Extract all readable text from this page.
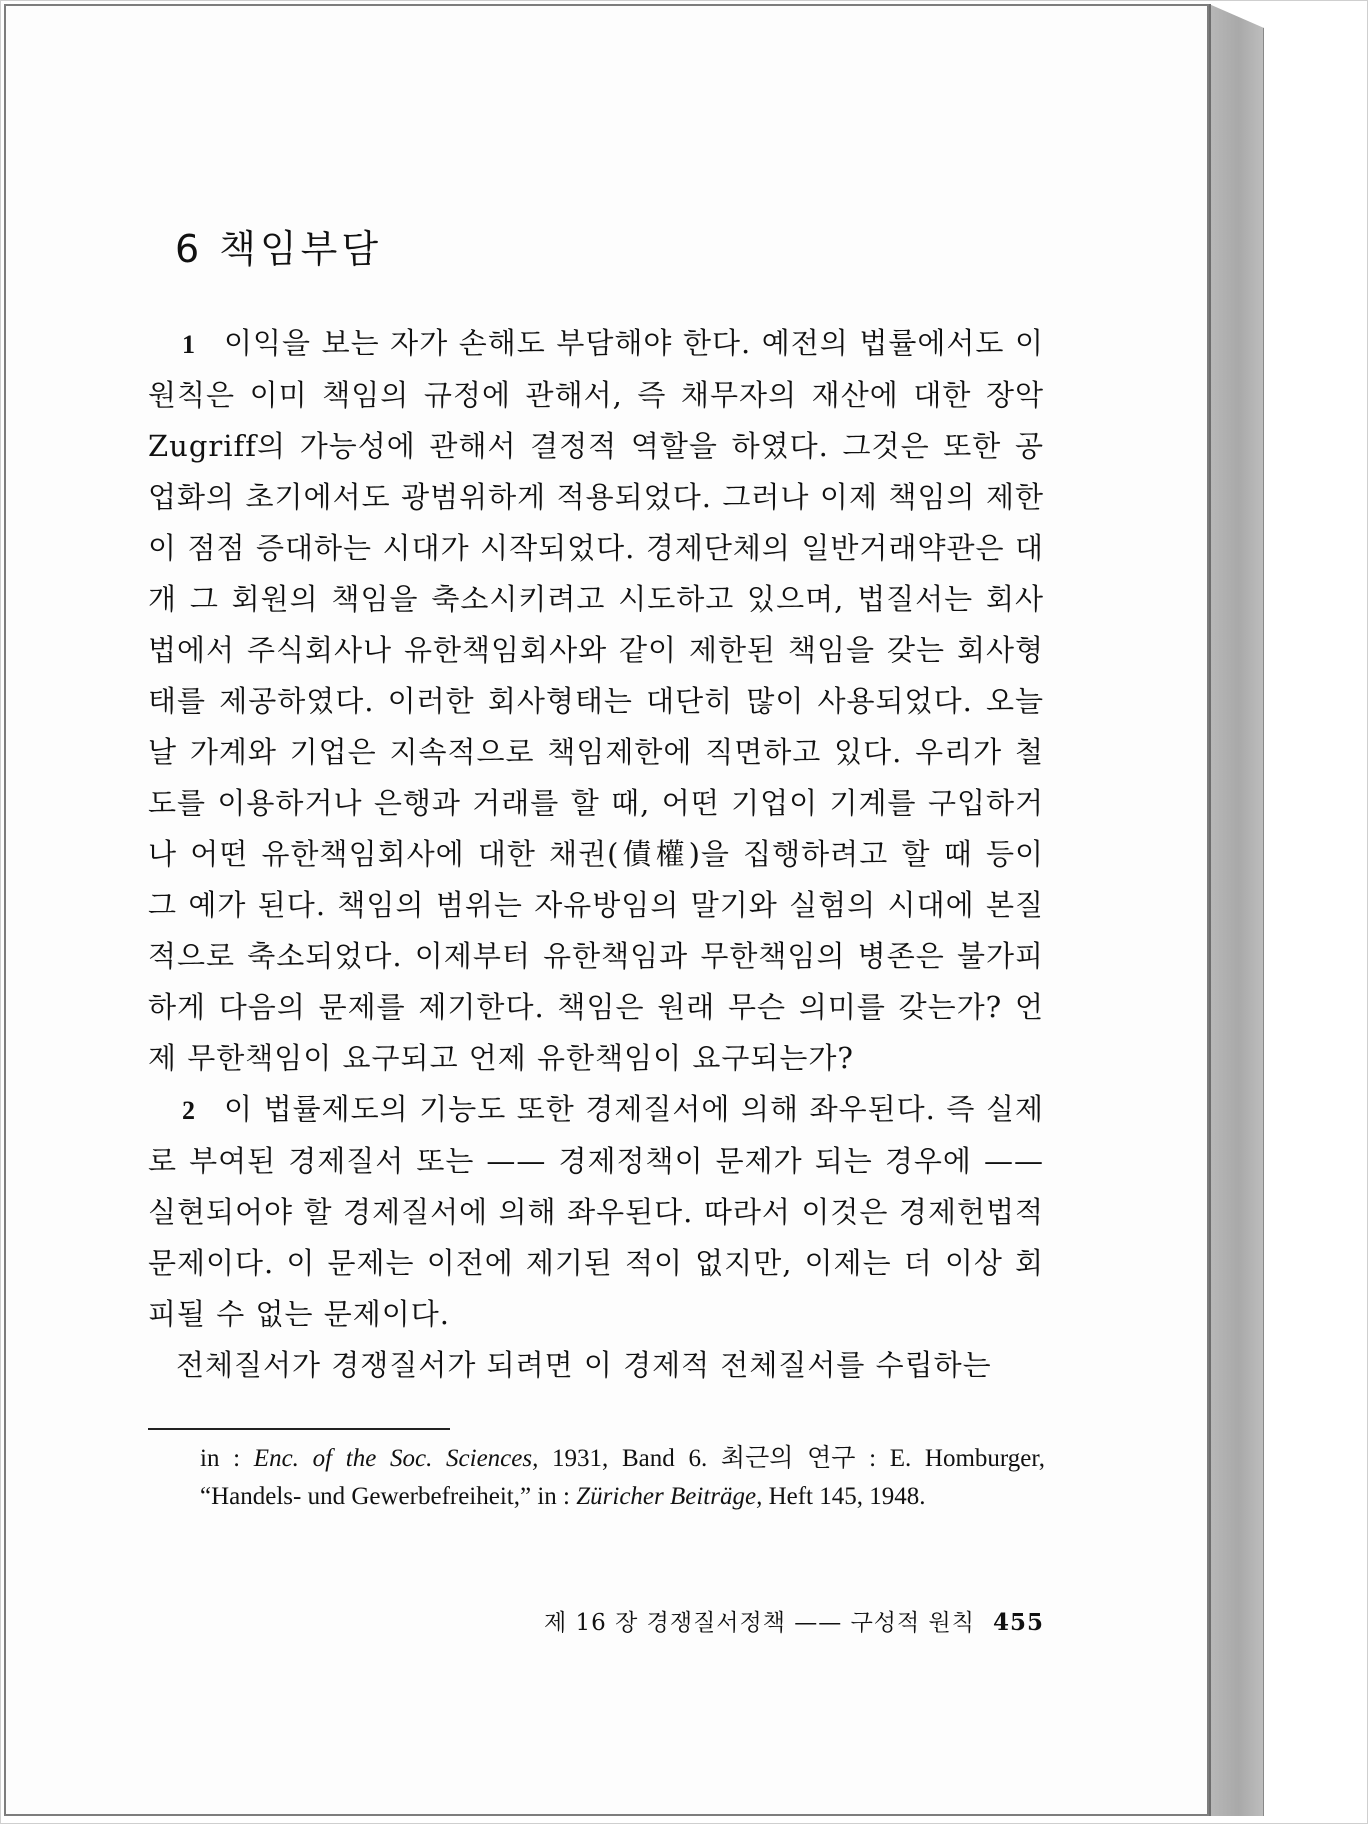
6 책임부담

1 이익을 보는 자가 손해도 부담해야 한다. 예전의 법률에서도 이 원칙은 이미 책임의 규정에 관해서, 즉 채무자의 재산에 대한 장악 Zugriff의 가능성에 관해서 결정적 역할을 하였다. 그것은 또한 공업화의 초기에서도 광범위하게 적용되었다. 그러나 이제 책임의 제한이 점점 증대하는 시대가 시작되었다. 경제단체의 일반거래약관은 대개 그 회원의 책임을 축소시키려고 시도하고 있으며, 법질서는 회사법에서 주식회사나 유한책임회사와 같이 제한된 책임을 갖는 회사형태를 제공하였다. 이러한 회사형태는 대단히 많이 사용되었다. 오늘날 가계와 기업은 지속적으로 책임제한에 직면하고 있다. 우리가 철도를 이용하거나 은행과 거래를 할 때, 어떤 기업이 기계를 구입하거나 어떤 유한책임회사에 대한 채권(債權)을 집행하려고 할 때 등이 그 예가 된다. 책임의 범위는 자유방임의 말기와 실험의 시대에 본질적으로 축소되었다. 이제부터 유한책임과 무한책임의 병존은 불가피하게 다음의 문제를 제기한다. 책임은 원래 무슨 의미를 갖는가? 언제 무한책임이 요구되고 언제 유한책임이 요구되는가?

2 이 법률제도의 기능도 또한 경제질서에 의해 좌우된다. 즉 실제로 부여된 경제질서 또는 —— 경제정책이 문제가 되는 경우에 —— 실현되어야 할 경제질서에 의해 좌우된다. 따라서 이것은 경제헌법적 문제이다. 이 문제는 이전에 제기된 적이 없지만, 이제는 더 이상 회피될 수 없는 문제이다.

전체질서가 경쟁질서가 되려면 이 경제적 전체질서를 수립하는

in : Enc. of the Soc. Sciences, 1931, Band 6. 최근의 연구 : E. Homburger, “Handels- und Gewerbefreiheit,” in : Züricher Beiträge, Heft 145, 1948.
제 16 장 경쟁질서정책 —— 구성적 원칙 455
